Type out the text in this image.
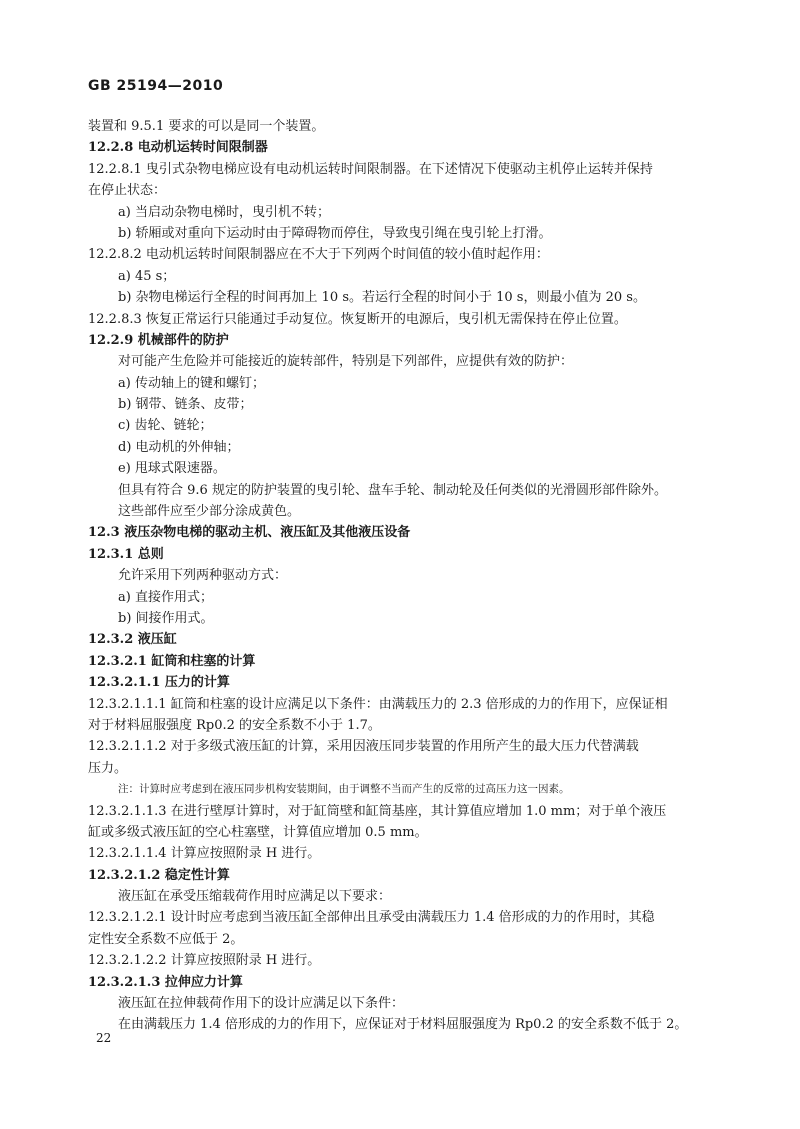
GB 25194—2010
装置和 9.5.1 要求的可以是同一个装置。
12.2.8 电动机运转时间限制器
12.2.8.1 曳引式杂物电梯应设有电动机运转时间限制器。在下述情况下使驱动主机停止运转并保持
在停止状态：
a) 当启动杂物电梯时，曳引机不转；
b) 轿厢或对重向下运动时由于障碍物而停住，导致曳引绳在曳引轮上打滑。
12.2.8.2 电动机运转时间限制器应在不大于下列两个时间值的较小值时起作用：
a) 45 s；
b) 杂物电梯运行全程的时间再加上 10 s。若运行全程的时间小于 10 s，则最小值为 20 s。
12.2.8.3 恢复正常运行只能通过手动复位。恢复断开的电源后，曳引机无需保持在停止位置。
12.2.9 机械部件的防护
对可能产生危险并可能接近的旋转部件，特别是下列部件，应提供有效的防护：
a) 传动轴上的键和螺钉；
b) 钢带、链条、皮带；
c) 齿轮、链轮；
d) 电动机的外伸轴；
e) 甩球式限速器。
但具有符合 9.6 规定的防护装置的曳引轮、盘车手轮、制动轮及任何类似的光滑圆形部件除外。
这些部件应至少部分涂成黄色。
12.3 液压杂物电梯的驱动主机、液压缸及其他液压设备
12.3.1 总则
允许采用下列两种驱动方式：
a) 直接作用式；
b) 间接作用式。
12.3.2 液压缸
12.3.2.1 缸筒和柱塞的计算
12.3.2.1.1 压力的计算
12.3.2.1.1.1 缸筒和柱塞的设计应满足以下条件：由满载压力的 2.3 倍形成的力的作用下，应保证相
对于材料屈服强度 Rp0.2 的安全系数不小于 1.7。
12.3.2.1.1.2 对于多级式液压缸的计算，采用因液压同步装置的作用所产生的最大压力代替满载
压力。
注：计算时应考虑到在液压同步机构安装期间，由于调整不当而产生的反常的过高压力这一因素。
12.3.2.1.1.3 在进行壁厚计算时，对于缸筒壁和缸筒基座，其计算值应增加 1.0 mm；对于单个液压
缸或多级式液压缸的空心柱塞壁，计算值应增加 0.5 mm。
12.3.2.1.1.4 计算应按照附录 H 进行。
12.3.2.1.2 稳定性计算
液压缸在承受压缩载荷作用时应满足以下要求：
12.3.2.1.2.1 设计时应考虑到当液压缸全部伸出且承受由满载压力 1.4 倍形成的力的作用时，其稳
定性安全系数不应低于 2。
12.3.2.1.2.2 计算应按照附录 H 进行。
12.3.2.1.3 拉伸应力计算
液压缸在拉伸载荷作用下的设计应满足以下条件：
在由满载压力 1.4 倍形成的力的作用下，应保证对于材料屈服强度为 Rp0.2 的安全系数不低于 2。
22
